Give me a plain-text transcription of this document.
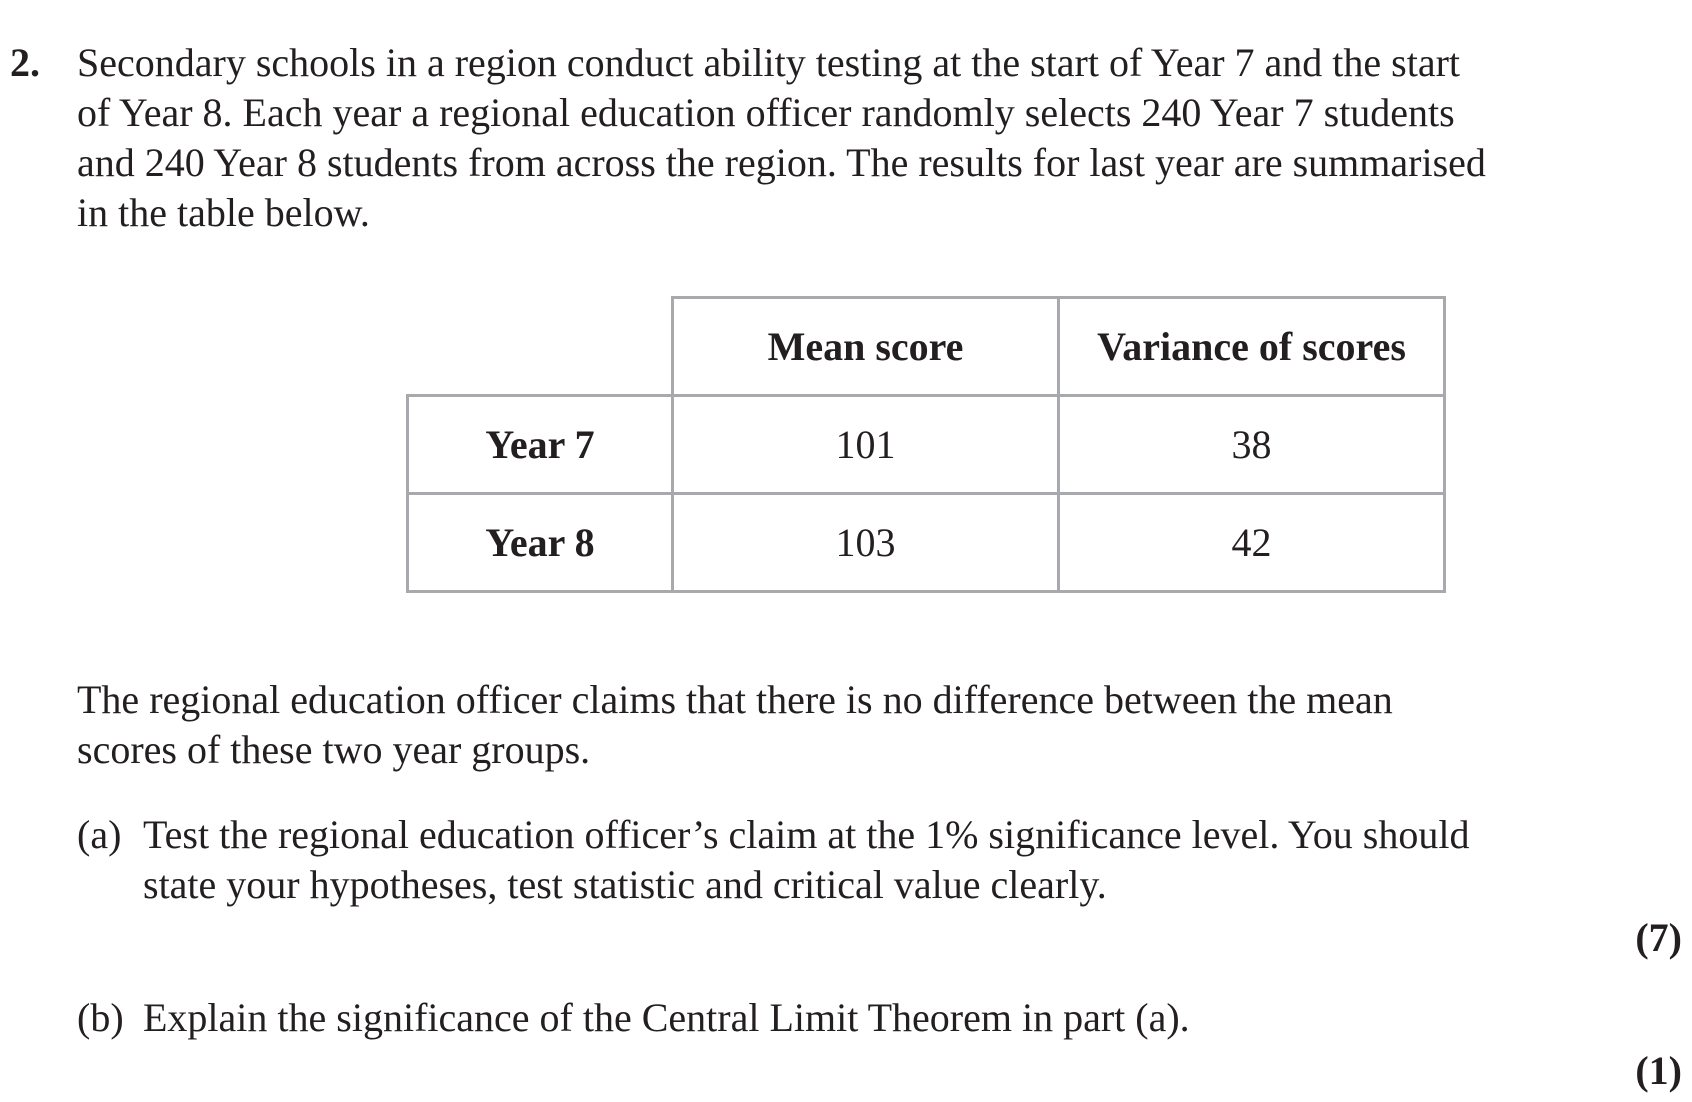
2. Secondary schools in a region conduct ability testing at the start of Year 7 and the start
of Year 8. Each year a regional education officer randomly selects 240 Year 7 students
and 240 Year 8 students from across the region. The results for last year are summarised
in the table below.

	Mean score	Variance of scores
Year 7	101	38
Year 8	103	42

The regional education officer claims that there is no difference between the mean
scores of these two year groups.

(a) Test the regional education officer’s claim at the 1% significance level. You should
state your hypotheses, test statistic and critical value clearly.
(7)
(b) Explain the significance of the Central Limit Theorem in part (a).
(1)
